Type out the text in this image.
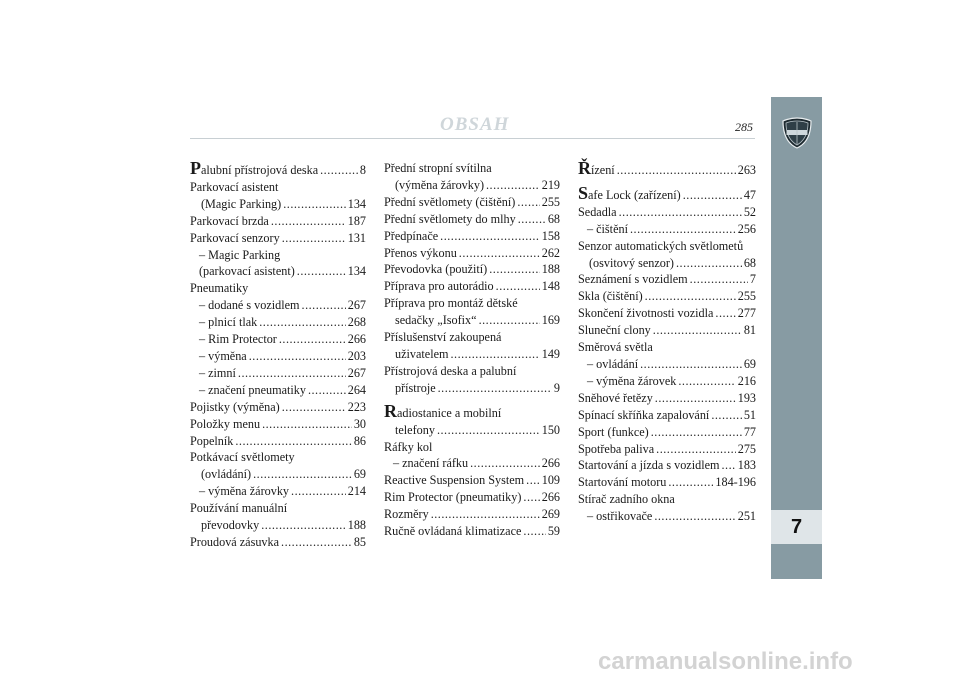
OBSAH	285
7
Palubní přístrojová deska .....	8
Parkovací asistent
(Magic Parking) .....	134
Parkovací brzda .....	187
Parkovací senzory .....	131
– Magic Parking
(parkovací asistent) .....	134
Pneumatiky
– dodané s vozidlem .....	267
– plnicí tlak .....	268
– Rim Protector .....	266
– výměna .....	203
– zimní .....	267
– značení pneumatiky .....	264
Pojistky (výměna) .....	223
Položky menu .....	30
Popelník .....	86
Potkávací světlomety
(ovládání) .....	69
– výměna žárovky .....	214
Používání manuální
převodovky .....	188
Proudová zásuvka .....	85
Přední stropní svítilna
(výměna žárovky) .....	219
Přední světlomety (čištění) ..... 255
Přední světlomety do mlhy .....	68
Předpínače .....	158
Přenos výkonu .....	262
Převodovka (použití) .....	188
Příprava pro autorádio .....	148
Příprava pro montáž dětské
sedačky „Isofix“ .....	169
Příslušenství zakoupená
uživatelem .....	149
Přístrojová deska a palubní
přístroje .....	9
Radiostanice a mobilní
telefony .....	150
Ráfky kol
– značení ráfku .....	266
Reactive Suspension System ..... 109
Rim Protector (pneumatiky) ..... 266
Rozměry .....	269
Ručně ovládaná klimatizace ..... 59
Řízení .....	263
Safe Lock (zařízení) .....	47
Sedadla .....	52
– čištění .....	256
Senzor automatických světlometů
(osvitový senzor) .....	68
Seznámení s vozidlem .....	7
Skla (čištění) .....	255
Skončení životnosti vozidla ..... 277
Sluneční clony .....	81
Směrová světla
– ovládání .....	69
– výměna žárovek .....	216
Sněhové řetězy .....	193
Spínací skříňka zapalování .....	51
Sport (funkce) .....	77
Spotřeba paliva .....	275
Startování a jízda s vozidlem ..... 183
Startování motoru .....	184-196
Stírač zadního okna
– ostřikovače .....	251
carmanualsonline.info
